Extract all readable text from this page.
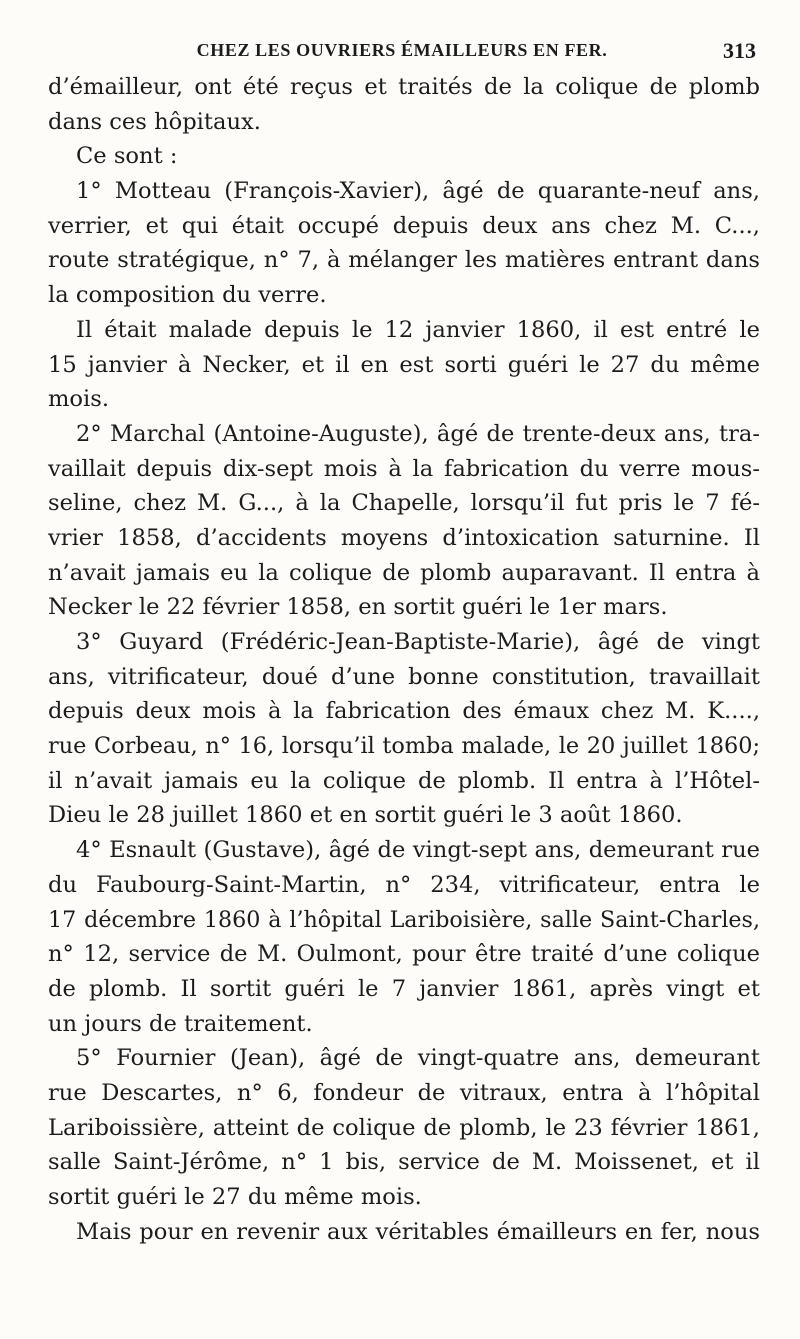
CHEZ LES OUVRIERS ÉMAILLEURS EN FER.	313
d’émailleur, ont été reçus et traités de la colique de plomb
dans ces hôpitaux.
Ce sont :
1° Motteau (François-Xavier), âgé de quarante-neuf ans,
verrier, et qui était occupé depuis deux ans chez M. C...,
route stratégique, n° 7, à mélanger les matières entrant dans
la composition du verre.
Il était malade depuis le 12 janvier 1860, il est entré le
15 janvier à Necker, et il en est sorti guéri le 27 du même
mois.
2° Marchal (Antoine-Auguste), âgé de trente-deux ans, tra-
vaillait depuis dix-sept mois à la fabrication du verre mous-
seline, chez M. G..., à la Chapelle, lorsqu’il fut pris le 7 fé-
vrier 1858, d’accidents moyens d’intoxication saturnine. Il
n’avait jamais eu la colique de plomb auparavant. Il entra à
Necker le 22 février 1858, en sortit guéri le 1er mars.
3° Guyard (Frédéric-Jean-Baptiste-Marie), âgé de vingt
ans, vitrificateur, doué d’une bonne constitution, travaillait
depuis deux mois à la fabrication des émaux chez M. K....,
rue Corbeau, n° 16, lorsqu’il tomba malade, le 20 juillet 1860;
il n’avait jamais eu la colique de plomb. Il entra à l’Hôtel-
Dieu le 28 juillet 1860 et en sortit guéri le 3 août 1860.
4° Esnault (Gustave), âgé de vingt-sept ans, demeurant rue
du Faubourg-Saint-Martin, n° 234, vitrificateur, entra le
17 décembre 1860 à l’hôpital Lariboisière, salle Saint-Charles,
n° 12, service de M. Oulmont, pour être traité d’une colique
de plomb. Il sortit guéri le 7 janvier 1861, après vingt et
un jours de traitement.
5° Fournier (Jean), âgé de vingt-quatre ans, demeurant
rue Descartes, n° 6, fondeur de vitraux, entra à l’hôpital
Lariboissière, atteint de colique de plomb, le 23 février 1861,
salle Saint-Jérôme, n° 1 bis, service de M. Moissenet, et il
sortit guéri le 27 du même mois.
Mais pour en revenir aux véritables émailleurs en fer, nous
